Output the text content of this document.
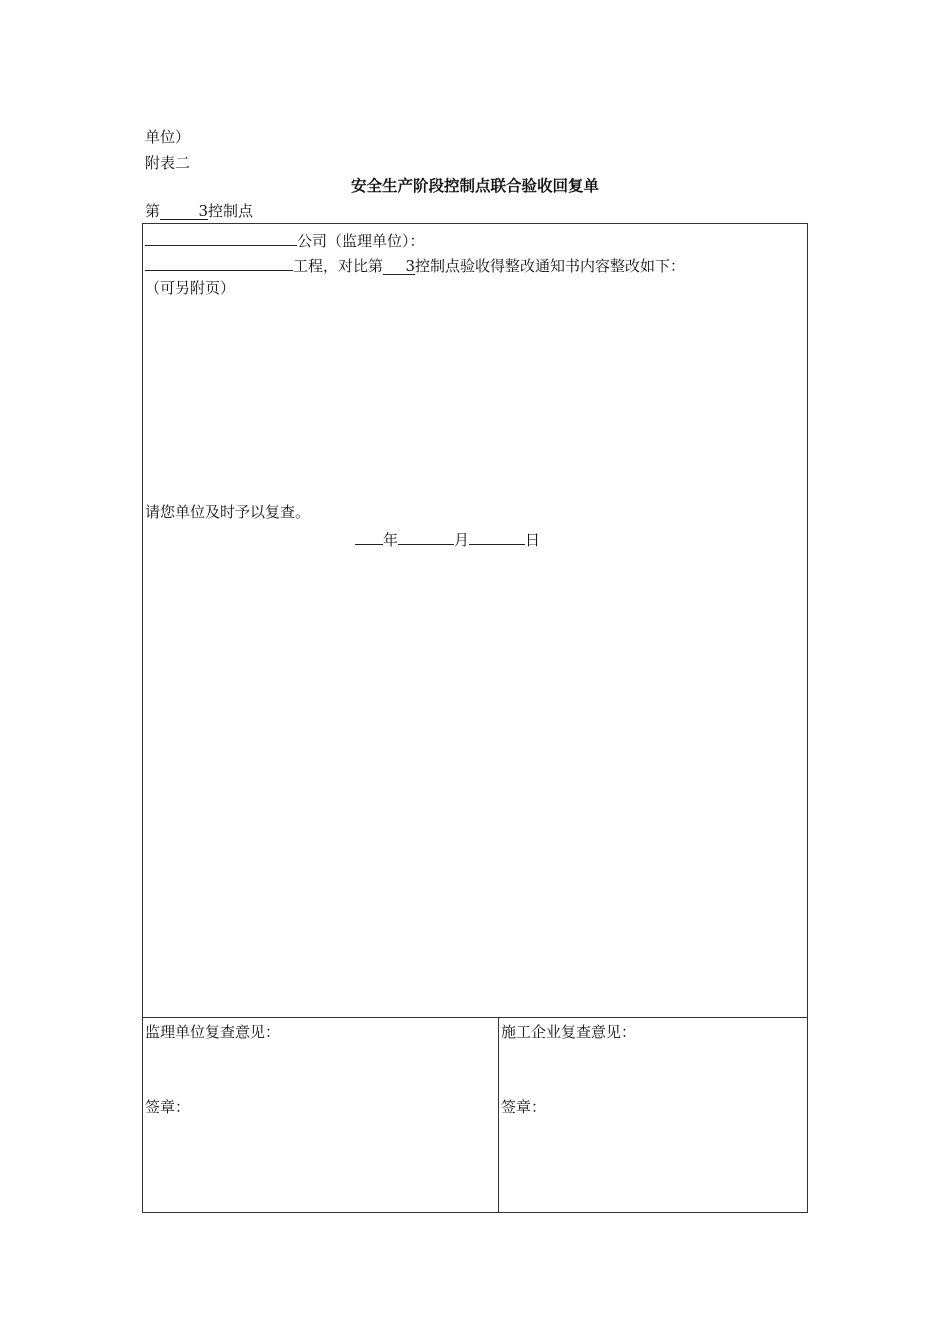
单位）
附表二
安全生产阶段控制点联合验收回复单
第	3控制点
公司（监理单位）：
工程，对比第 3控制点验收得整改通知书内容整改如下：
（可另附页）
请您单位及时予以复查。
年	月	日
监理单位复查意见：
签章：
施工企业复查意见：
签章：
